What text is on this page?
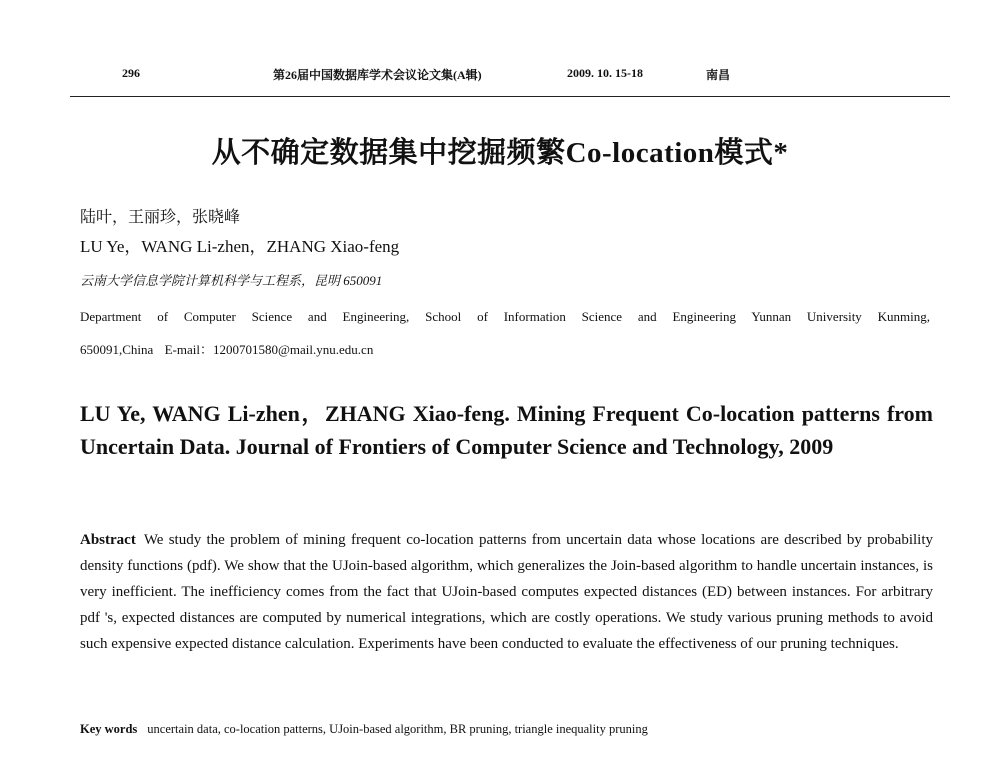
296	第26届中国数据库学术会议论文集(A辑)	2009. 10. 15-18	南昌
从不确定数据集中挖掘频繁Co-location模式*
陆叶，王丽珍，张晓峰
LU Ye，WANG Li-zhen，ZHANG Xiao-feng
云南大学信息学院计算机科学与工程系，昆明 650091
Department of Computer Science and Engineering, School of Information Science and Engineering Yunnan University Kunming,
650091,China E-mail：1200701580@mail.ynu.edu.cn
LU Ye, WANG Li-zhen，ZHANG Xiao-feng. Mining Frequent Co-location patterns from Uncertain Data. Journal of Frontiers of Computer Science and Technology, 2009
Abstract We study the problem of mining frequent co-location patterns from uncertain data whose locations are described by probability density functions (pdf). We show that the UJoin-based algorithm, which generalizes the Join-based algorithm to handle uncertain instances, is very inefficient. The inefficiency comes from the fact that UJoin-based computes expected distances (ED) between instances. For arbitrary pdf 's, expected distances are computed by numerical integrations, which are costly operations. We study various pruning methods to avoid such expensive expected distance calculation. Experiments have been conducted to evaluate the effectiveness of our pruning techniques.
Key words uncertain data, co-location patterns, UJoin-based algorithm, BR pruning, triangle inequality pruning
